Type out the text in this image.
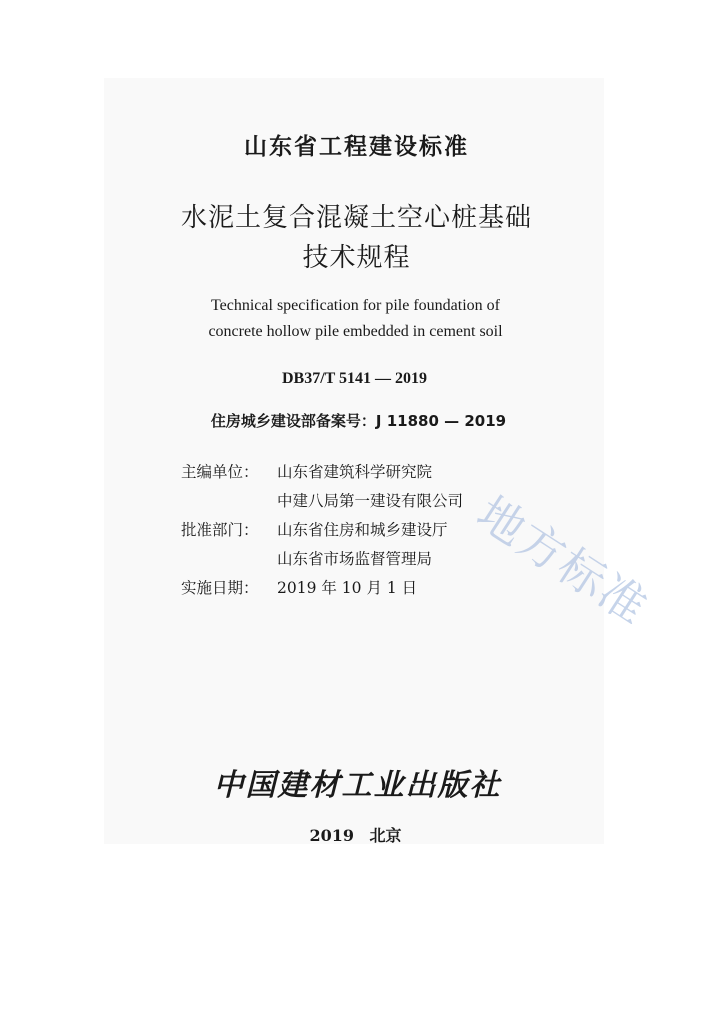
山东省工程建设标准
水泥土复合混凝土空心桩基础
技术规程
Technical specification for pile foundation of
concrete hollow pile embedded in cement soil
DB37/T 5141 — 2019
住房城乡建设部备案号：J 11880 — 2019
主编单位：	山东省建筑科学研究院
中建八局第一建设有限公司
批准部门：	山东省住房和城乡建设厅
山东省市场监督管理局
实施日期：	2019 年 10 月 1 日 地方标准
中国建材工业出版社
2019 北京
